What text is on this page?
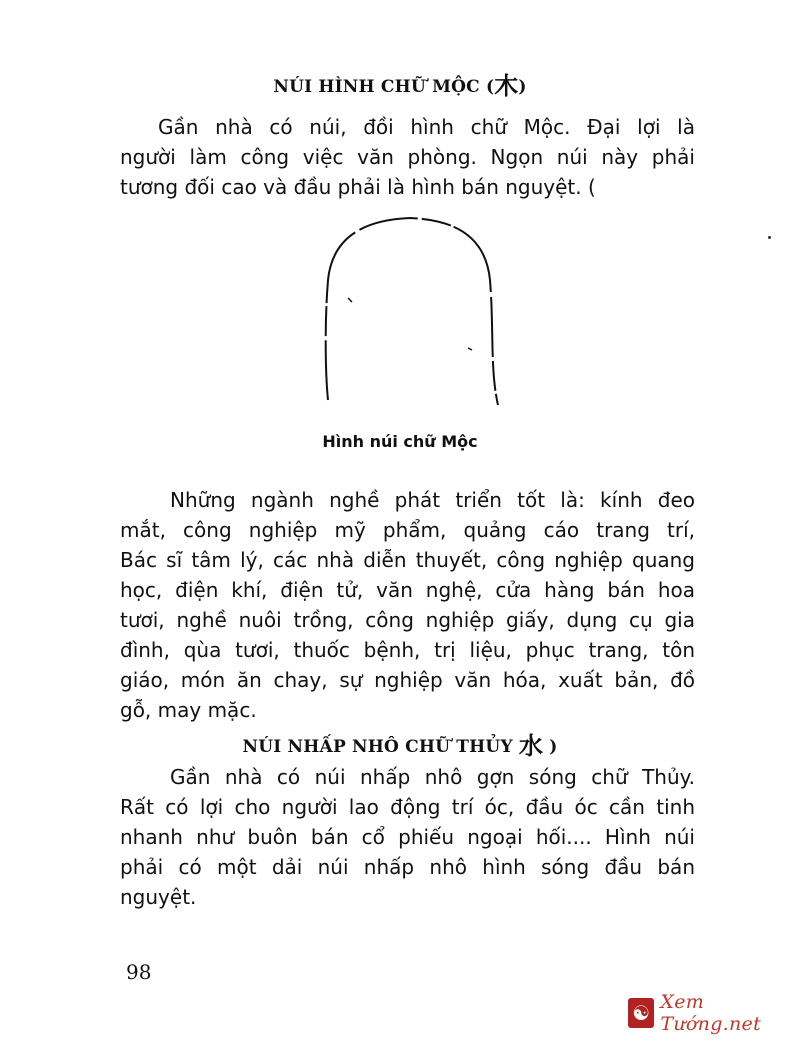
NÚI HÌNH CHỮ MỘC (木)
Gần nhà có núi, đồi hình chữ Mộc. Đại lợi là
người làm công việc văn phòng. Ngọn núi này phải
tương đối cao và đầu phải là hình bán nguyệt. (
Hình núi chữ Mộc
Những ngành nghề phát triển tốt là: kính đeo
mắt, công nghiệp mỹ phẩm, quảng cáo trang trí,
Bác sĩ tâm lý, các nhà diễn thuyết, công nghiệp quang
học, điện khí, điện tử, văn nghệ, cửa hàng bán hoa
tươi, nghề nuôi trồng, công nghiệp giấy, dụng cụ gia
đình, qùa tươi, thuốc bệnh, trị liệu, phục trang, tôn
giáo, món ăn chay, sự nghiệp văn hóa, xuất bản, đồ
gỗ, may mặc.
NÚI NHẤP NHÔ CHỮ THỦY 水 )
Gần nhà có núi nhấp nhô gợn sóng chữ Thủy.
Rất có lợi cho người lao động trí óc, đầu óc cần tinh
nhanh như buôn bán cổ phiếu ngoại hối.... Hình núi
phải có một dải núi nhấp nhô hình sóng đầu bán
nguyệt.
98
☯ Xem Tướng.net
